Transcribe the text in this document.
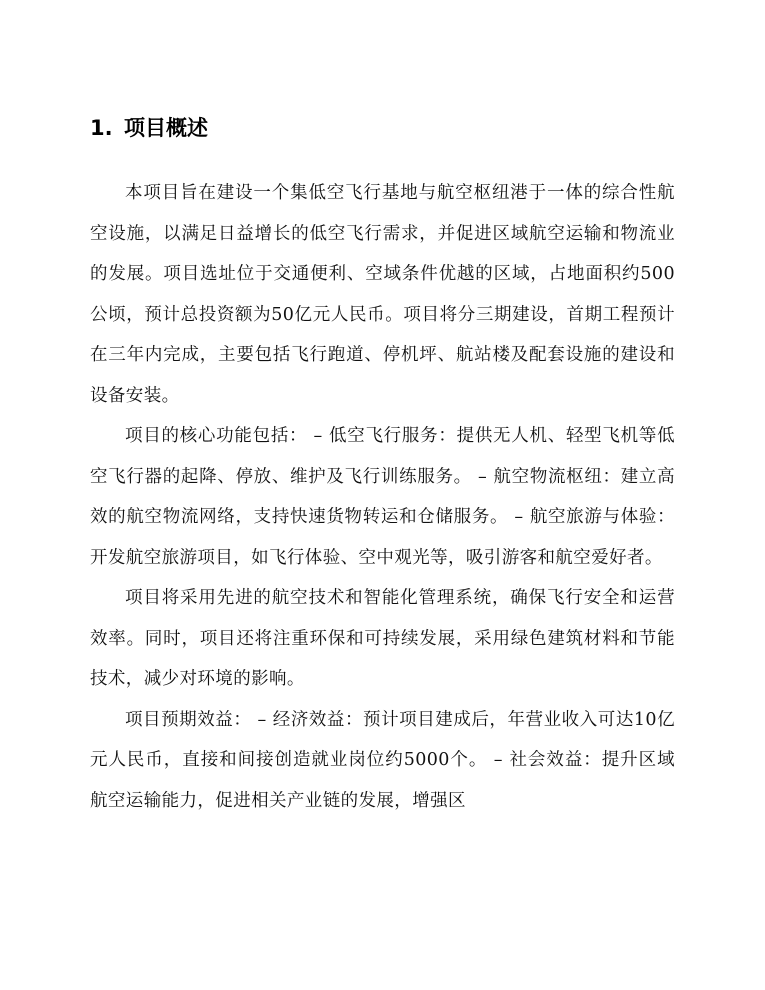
1. 项目概述

本项目旨在建设一个集低空飞行基地与航空枢纽港于一体的综合性航空设施，以满足日益增长的低空飞行需求，并促进区域航空运输和物流业的发展。项目选址位于交通便利、空域条件优越的区域，占地面积约500公顷，预计总投资额为50亿元人民币。项目将分三期建设，首期工程预计在三年内完成，主要包括飞行跑道、停机坪、航站楼及配套设施的建设和设备安装。

项目的核心功能包括： – 低空飞行服务：提供无人机、轻型飞机等低空飞行器的起降、停放、维护及飞行训练服务。 – 航空物流枢纽：建立高效的航空物流网络，支持快速货物转运和仓储服务。 – 航空旅游与体验：开发航空旅游项目，如飞行体验、空中观光等，吸引游客和航空爱好者。

项目将采用先进的航空技术和智能化管理系统，确保飞行安全和运营效率。同时，项目还将注重环保和可持续发展，采用绿色建筑材料和节能技术，减少对环境的影响。

项目预期效益： – 经济效益：预计项目建成后，年营业收入可达10亿元人民币，直接和间接创造就业岗位约5000个。 – 社会效益：提升区域航空运输能力，促进相关产业链的发展，增强区
